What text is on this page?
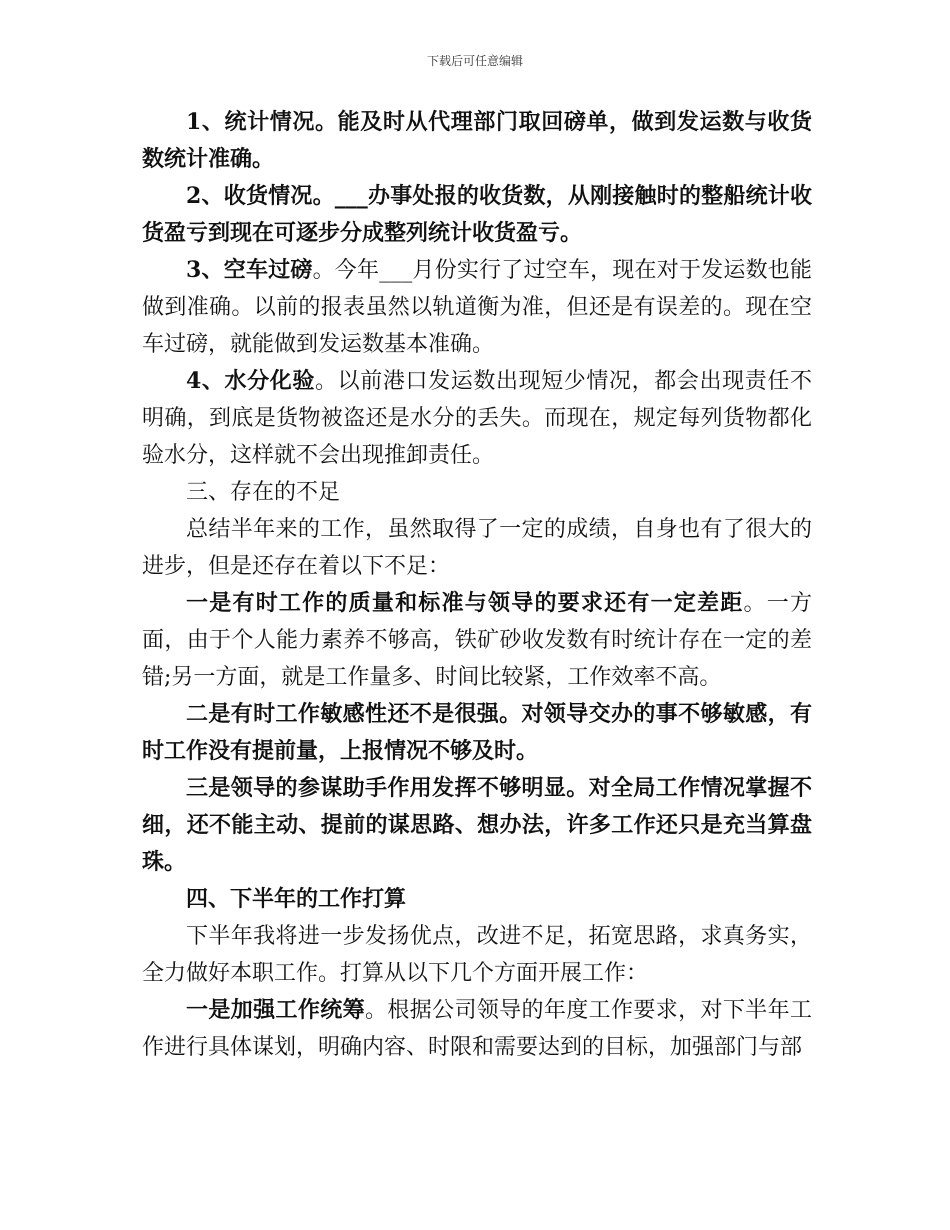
下载后可任意编辑

1、统计情况。能及时从代理部门取回磅单，做到发运数与收货数统计准确。

2、收货情况。___办事处报的收货数，从刚接触时的整船统计收货盈亏到现在可逐步分成整列统计收货盈亏。

3、空车过磅。今年___月份实行了过空车，现在对于发运数也能做到准确。以前的报表虽然以轨道衡为准，但还是有误差的。现在空车过磅，就能做到发运数基本准确。

4、水分化验。以前港口发运数出现短少情况，都会出现责任不明确，到底是货物被盗还是水分的丢失。而现在，规定每列货物都化验水分，这样就不会出现推卸责任。

三、存在的不足

总结半年来的工作，虽然取得了一定的成绩，自身也有了很大的进步，但是还存在着以下不足：

一是有时工作的质量和标准与领导的要求还有一定差距。一方面，由于个人能力素养不够高，铁矿砂收发数有时统计存在一定的差错;另一方面，就是工作量多、时间比较紧，工作效率不高。

二是有时工作敏感性还不是很强。对领导交办的事不够敏感，有时工作没有提前量，上报情况不够及时。

三是领导的参谋助手作用发挥不够明显。对全局工作情况掌握不细，还不能主动、提前的谋思路、想办法，许多工作还只是充当算盘珠。

四、下半年的工作打算

下半年我将进一步发扬优点，改进不足，拓宽思路，求真务实，全力做好本职工作。打算从以下几个方面开展工作：

一是加强工作统筹。根据公司领导的年度工作要求，对下半年工作进行具体谋划，明确内容、时限和需要达到的目标，加强部门与部
